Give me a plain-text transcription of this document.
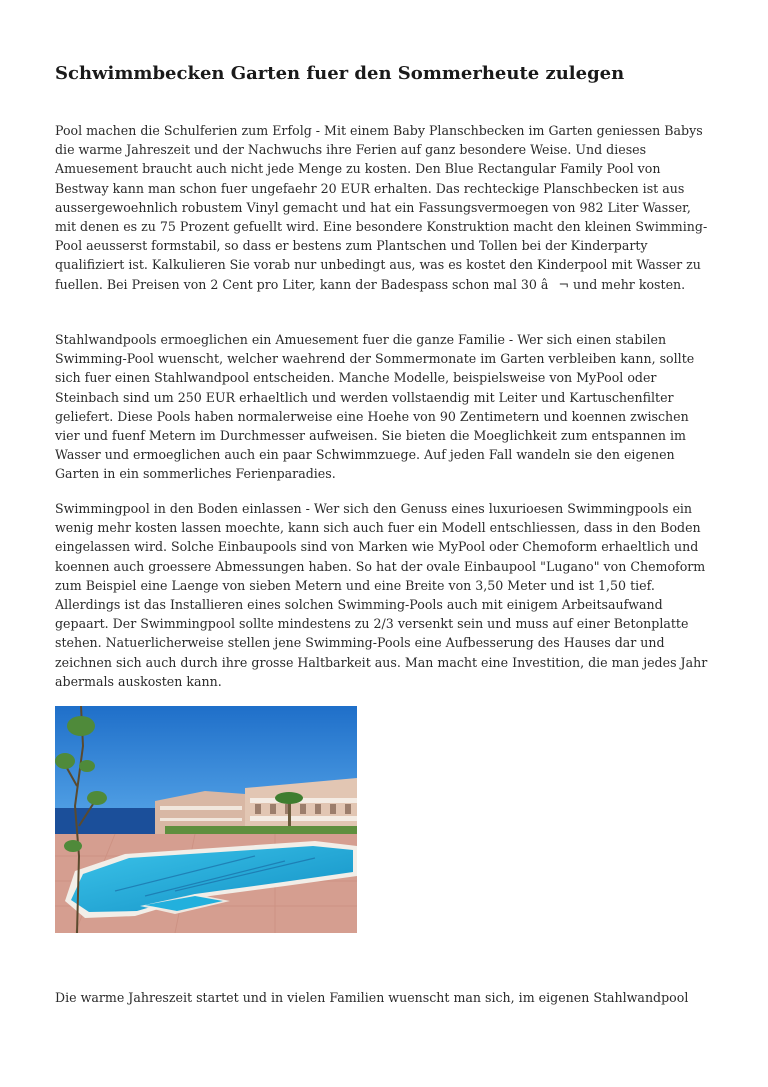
Schwimmbecken Garten fuer den Sommerheute zulegen

Pool machen die Schulferien zum Erfolg - Mit einem Baby Planschbecken im Garten geniessen Babys die warme Jahreszeit und der Nachwuchs ihre Ferien auf ganz besondere Weise. Und dieses Amuesement braucht auch nicht jede Menge zu kosten. Den Blue Rectangular Family Pool von Bestway kann man schon fuer ungefaehr 20 EUR erhalten. Das rechteckige Planschbecken ist aus aussergewoehnlich robustem Vinyl gemacht und hat ein Fassungsvermoegen von 982 Liter Wasser, mit denen es zu 75 Prozent gefuellt wird. Eine besondere Konstruktion macht den kleinen Swimming-Pool aeusserst formstabil, so dass er bestens zum Plantschen und Tollen bei der Kinderparty qualifiziert ist. Kalkulieren Sie vorab nur unbedingt aus, was es kostet den Kinderpool mit Wasser zu fuellen. Bei Preisen von 2 Cent pro Liter, kann der Badespass schon mal 30 â¬ und mehr kosten.

Stahlwandpools ermoeglichen ein Amuesement fuer die ganze Familie - Wer sich einen stabilen Swimming-Pool wuenscht, welcher waehrend der Sommermonate im Garten verbleiben kann, sollte sich fuer einen Stahlwandpool entscheiden. Manche Modelle, beispielsweise von MyPool oder Steinbach sind um 250 EUR erhaeltlich und werden vollstaendig mit Leiter und Kartuschenfilter geliefert. Diese Pools haben normalerweise eine Hoehe von 90 Zentimetern und koennen zwischen vier und fuenf Metern im Durchmesser aufweisen. Sie bieten die Moeglichkeit zum entspannen im Wasser und ermoeglichen auch ein paar Schwimmzuege. Auf jeden Fall wandeln sie den eigenen Garten in ein sommerliches Ferienparadies.

Swimmingpool in den Boden einlassen - Wer sich den Genuss eines luxurioesen Swimmingpools ein wenig mehr kosten lassen moechte, kann sich auch fuer ein Modell entschliessen, dass in den Boden eingelassen wird. Solche Einbaupools sind von Marken wie MyPool oder Chemoform erhaeltlich und koennen auch groessere Abmessungen haben. So hat der ovale Einbaupool "Lugano" von Chemoform zum Beispiel eine Laenge von sieben Metern und eine Breite von 3,50 Meter und ist 1,50 tief. Allerdings ist das Installieren eines solchen Swimming-Pools auch mit einigem Arbeitsaufwand gepaart. Der Swimmingpool sollte mindestens zu 2/3 versenkt sein und muss auf einer Betonplatte stehen. Natuerlicherweise stellen jene Swimming-Pools eine Aufbesserung des Hauses dar und zeichnen sich auch durch ihre grosse Haltbarkeit aus. Man macht eine Investition, die man jedes Jahr abermals auskosten kann.

Die warme Jahreszeit startet und in vielen Familien wuenscht man sich, im eigenen Stahlwandpool
